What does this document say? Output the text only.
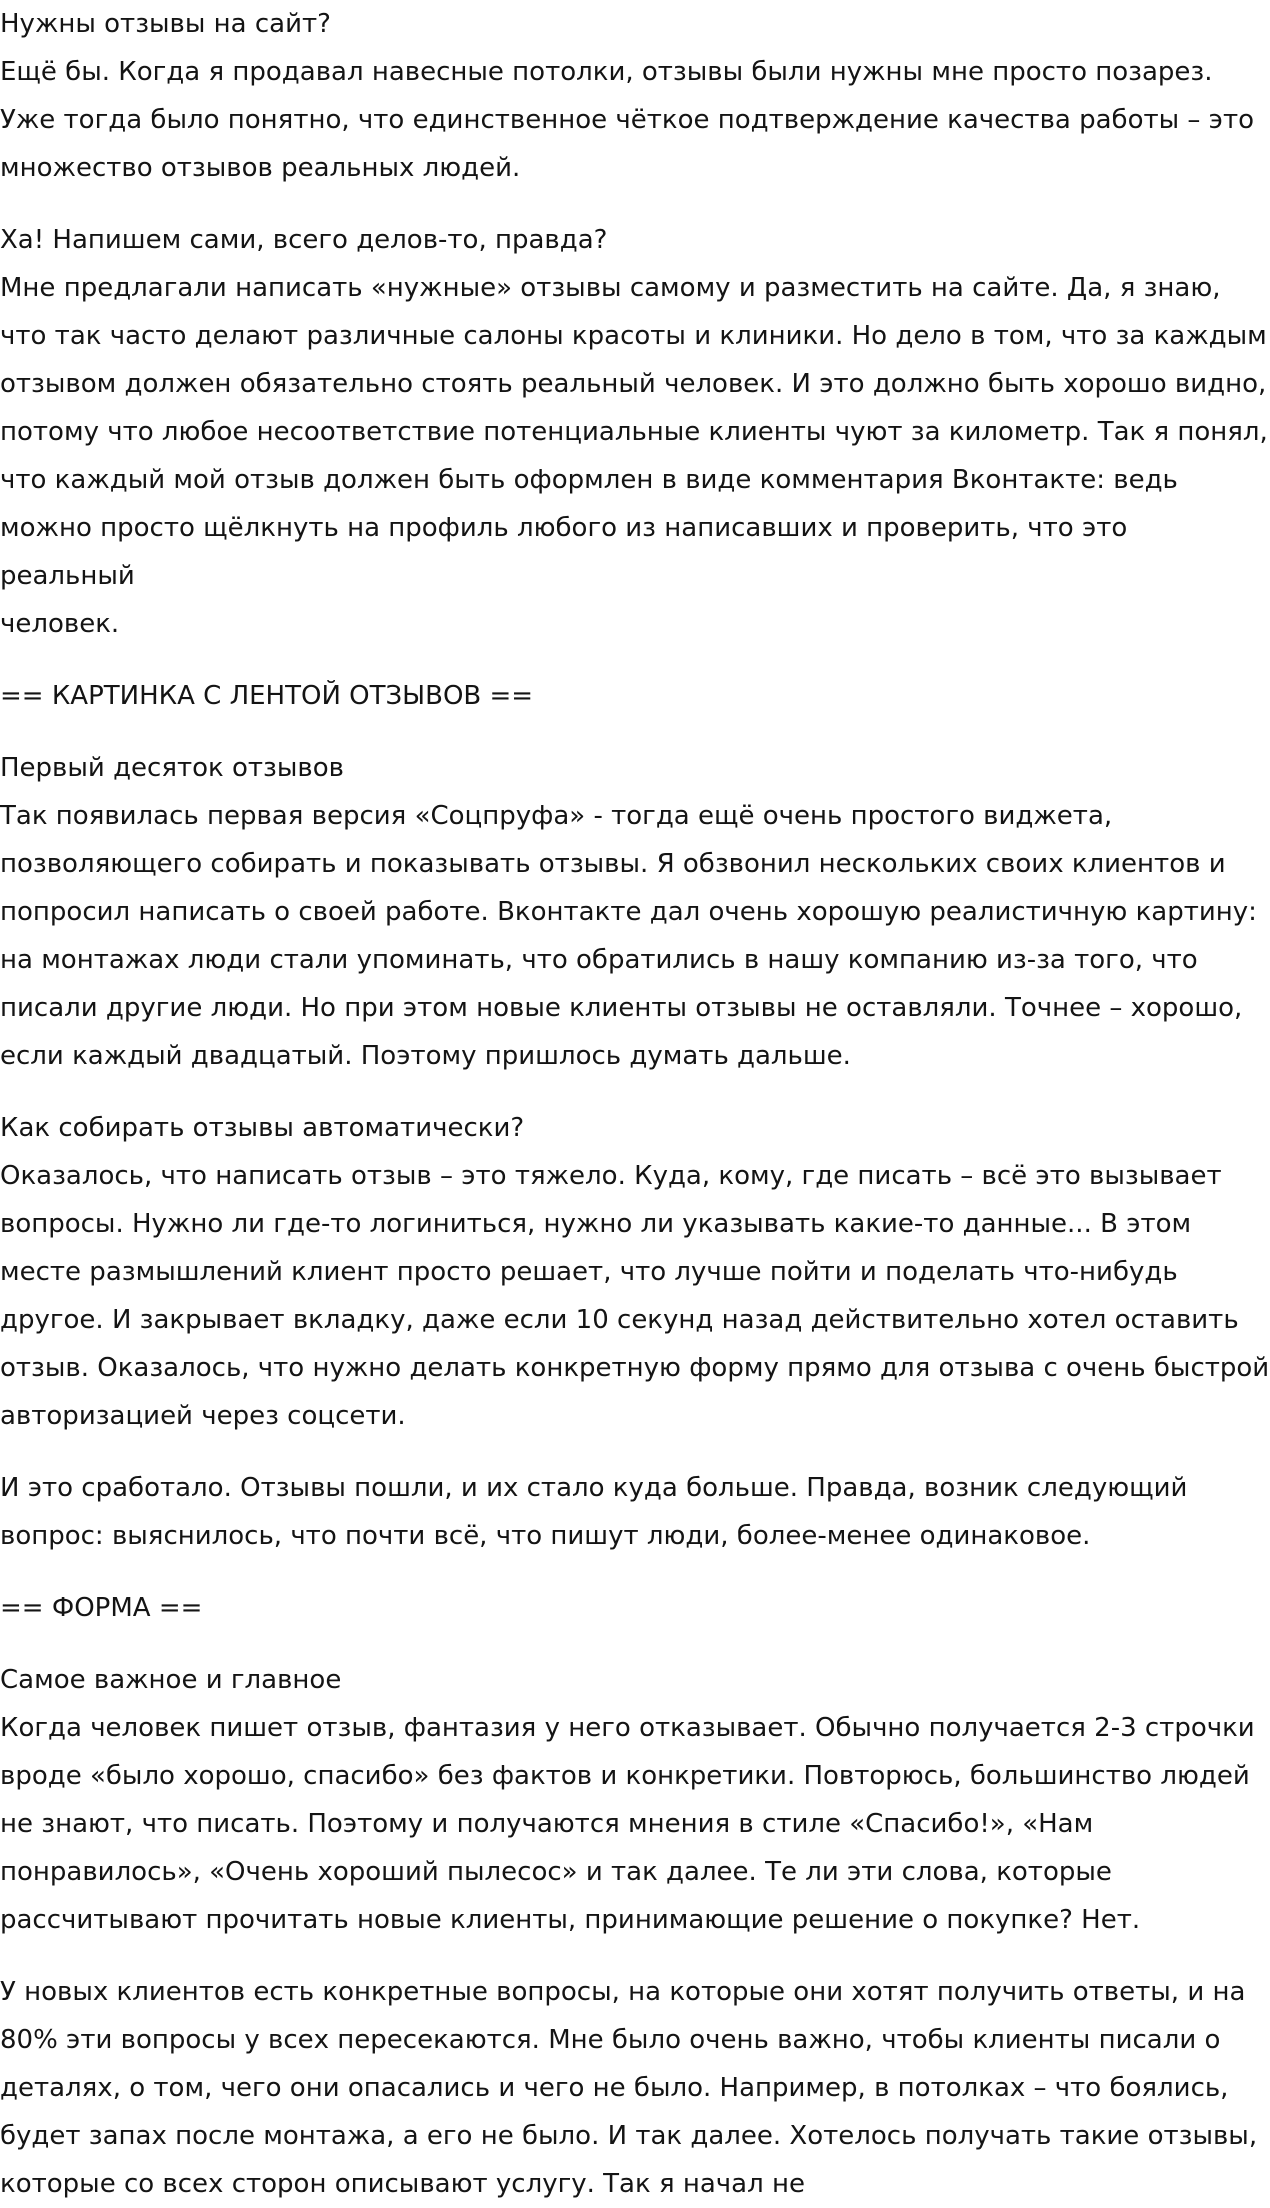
Нужны отзывы на сайт?

Ещё бы. Когда я продавал навесные потолки, отзывы были нужны мне просто позарез.

Уже тогда было понятно, что единственное чёткое подтверждение качества работы – это

множество отзывов реальных людей.

Ха! Напишем сами, всего делов-то, правда?

Мне предлагали написать «нужные» отзывы самому и разместить на сайте. Да, я знаю,

что так часто делают различные салоны красоты и клиники. Но дело в том, что за каждым

отзывом должен обязательно стоять реальный человек. И это должно быть хорошо видно,

потому что любое несоответствие потенциальные клиенты чуют за километр. Так я понял,

что каждый мой отзыв должен быть оформлен в виде комментария Вконтакте: ведь

можно просто щёлкнуть на профиль любого из написавших и проверить, что это реальный

человек.

== КАРТИНКА С ЛЕНТОЙ ОТЗЫВОВ ==

Первый десяток отзывов

Так появилась первая версия «Соцпруфа» - тогда ещё очень простого виджета,

позволяющего собирать и показывать отзывы. Я обзвонил нескольких своих клиентов и

попросил написать о своей работе. Вконтакте дал очень хорошую реалистичную картину:

на монтажах люди стали упоминать, что обратились в нашу компанию из-за того, что

писали другие люди. Но при этом новые клиенты отзывы не оставляли. Точнее – хорошо,

если каждый двадцатый. Поэтому пришлось думать дальше.

Как собирать отзывы автоматически?

Оказалось, что написать отзыв – это тяжело. Куда, кому, где писать – всё это вызывает

вопросы. Нужно ли где-то логиниться, нужно ли указывать какие-то данные... В этом

месте размышлений клиент просто решает, что лучше пойти и поделать что-нибудь

другое. И закрывает вкладку, даже если 10 секунд назад действительно хотел оставить

отзыв. Оказалось, что нужно делать конкретную форму прямо для отзыва с очень быстрой

авторизацией через соцсети.

И это сработало. Отзывы пошли, и их стало куда больше. Правда, возник следующий

вопрос: выяснилось, что почти всё, что пишут люди, более-менее одинаковое.

== ФОРМА ==

Самое важное и главное

Когда человек пишет отзыв, фантазия у него отказывает. Обычно получается 2-3 строчки

вроде «было хорошо, спасибо» без фактов и конкретики. Повторюсь, большинство людей

не знают, что писать. Поэтому и получаются мнения в стиле «Спасибо!», «Нам

понравилось», «Очень хороший пылесос» и так далее. Те ли эти слова, которые

рассчитывают прочитать новые клиенты, принимающие решение о покупке? Нет.

У новых клиентов есть конкретные вопросы, на которые они хотят получить ответы, и на

80% эти вопросы у всех пересекаются. Мне было очень важно, чтобы клиенты писали о

деталях, о том, чего они опасались и чего не было. Например, в потолках – что боялись,

будет запах после монтажа, а его не было. И так далее. Хотелось получать такие отзывы,

которые со всех сторон описывают услугу. Так я начал не
